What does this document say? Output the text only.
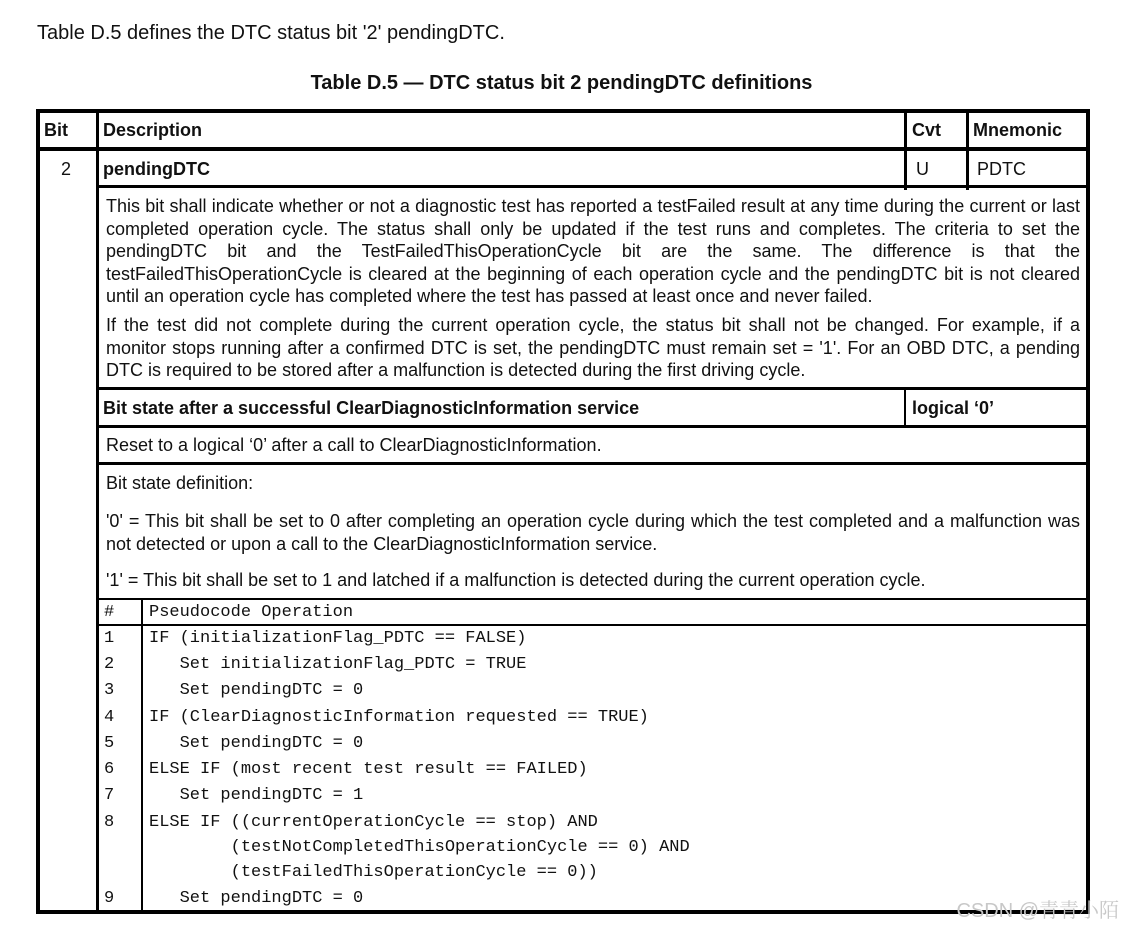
Table D.5 defines the DTC status bit '2' pendingDTC.
Table D.5 — DTC status bit 2 pendingDTC definitions
Bit Description	Cvt Mnemonic
2 pendingDTC	U	PDTC
This bit shall indicate whether or not a diagnostic test has reported a testFailed result at any time during the current or last completed operation cycle. The status shall only be updated if the test runs and completes. The criteria to set the pendingDTC bit and the TestFailedThisOperationCycle bit are the same. The difference is that the testFailedThisOperationCycle is cleared at the beginning of each operation cycle and the pendingDTC bit is not cleared until an operation cycle has completed where the test has passed at least once and never failed.
If the test did not complete during the current operation cycle, the status bit shall not be changed. For example, if a monitor stops running after a confirmed DTC is set, the pendingDTC must remain set = '1'. For an OBD DTC, a pending DTC is required to be stored after a malfunction is detected during the first driving cycle.
Bit state after a successful ClearDiagnosticInformation service	logical ‘0’
Reset to a logical ‘0’ after a call to ClearDiagnosticInformation.
Bit state definition:
'0' = This bit shall be set to 0 after completing an operation cycle during which the test completed and a malfunction was not detected or upon a call to the ClearDiagnosticInformation service.
'1' = This bit shall be set to 1 and latched if a malfunction is detected during the current operation cycle.
# Pseudocode Operation
1 IF (initializationFlag_PDTC == FALSE)
2 Set initializationFlag_PDTC = TRUE
3 Set pendingDTC = 0
4 IF (ClearDiagnosticInformation requested == TRUE)
5 Set pendingDTC = 0
6 ELSE IF (most recent test result == FAILED)
7 Set pendingDTC = 1
8 ELSE IF ((currentOperationCycle == stop) AND
(testNotCompletedThisOperationCycle == 0) AND
(testFailedThisOperationCycle == 0))
9 Set pendingDTC = 0
CSDN @青青小陌
